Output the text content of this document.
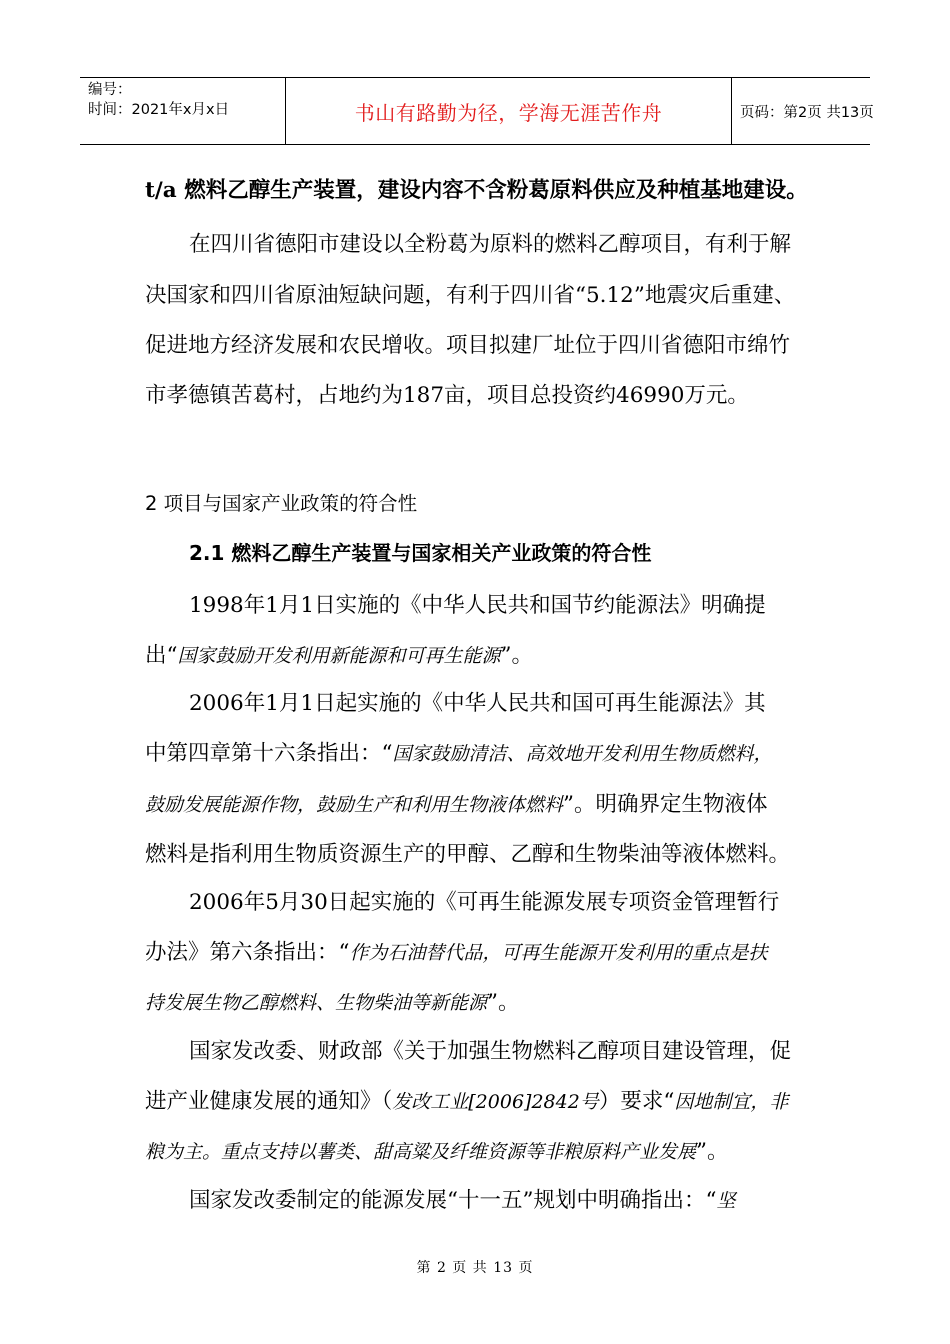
编号：
时间：2021年x月x日	书山有路勤为径，学海无涯苦作舟	页码：第2页 共13页
t/a 燃料乙醇生产装置，建设内容不含粉葛原料供应及种植基地建设。
在四川省德阳市建设以全粉葛为原料的燃料乙醇项目，有利于解
决国家和四川省原油短缺问题，有利于四川省“5.12”地震灾后重建、
促进地方经济发展和农民增收。项目拟建厂址位于四川省德阳市绵竹
市孝德镇苦葛村，占地约为187亩，项目总投资约46990万元。
2 项目与国家产业政策的符合性
2.1 燃料乙醇生产装置与国家相关产业政策的符合性
1998年1月1日实施的《中华人民共和国节约能源法》明确提
出“国家鼓励开发利用新能源和可再生能源”。
2006年1月1日起实施的《中华人民共和国可再生能源法》其
中第四章第十六条指出：“国家鼓励清洁、高效地开发利用生物质燃料，
鼓励发展能源作物，鼓励生产和利用生物液体燃料”。明确界定生物液体
燃料是指利用生物质资源生产的甲醇、乙醇和生物柴油等液体燃料。
2006年5月30日起实施的《可再生能源发展专项资金管理暂行
办法》第六条指出：“作为石油替代品，可再生能源开发利用的重点是扶
持发展生物乙醇燃料、生物柴油等新能源”。
国家发改委、财政部《关于加强生物燃料乙醇项目建设管理，促
进产业健康发展的通知》（发改工业[2006]2842号）要求“因地制宜，非
粮为主。重点支持以薯类、甜高粱及纤维资源等非粮原料产业发展”。
国家发改委制定的能源发展“十一五”规划中明确指出：“坚
第 2 页 共 13 页
